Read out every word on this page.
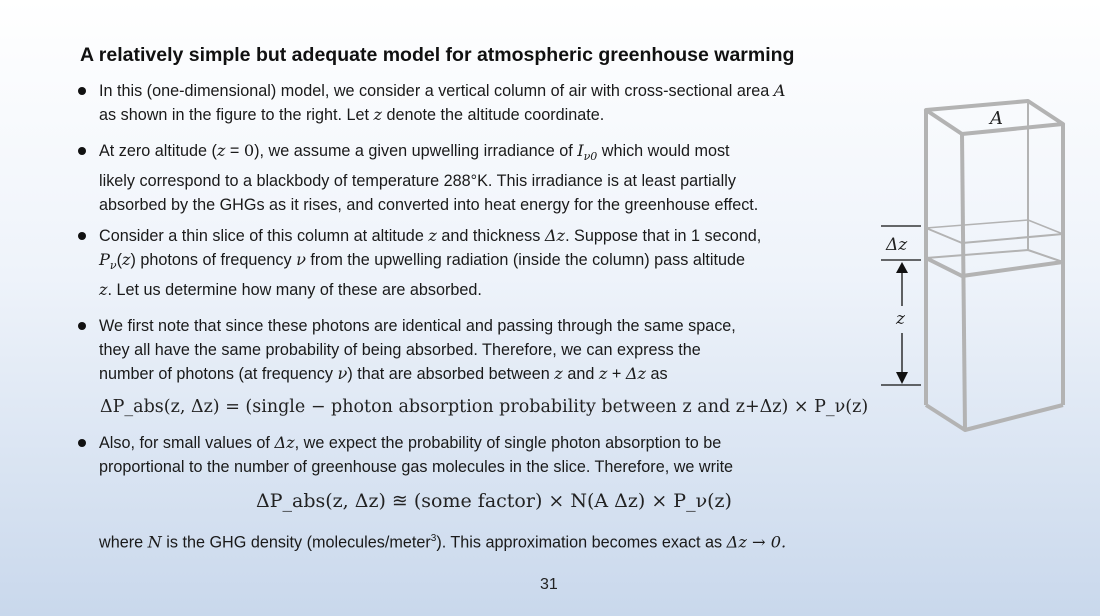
A relatively simple but adequate model for atmospheric greenhouse warming
In this (one-dimensional) model, we consider a vertical column of air with cross-sectional area A
as shown in the figure to the right. Let z denote the altitude coordinate.
At zero altitude (z = 0), we assume a given upwelling irradiance of $I_{\nu 0}$ which would most
likely correspond to a blackbody of temperature 288°K. This irradiance is at least partially
absorbed by the GHGs as it rises, and converted into heat energy for the greenhouse effect.
Consider a thin slice of this column at altitude z and thickness Δz. Suppose that in 1 second,
$P_\nu(z)$ photons of frequency ν from the upwelling radiation (inside the column) pass altitude
z. Let us determine how many of these are absorbed.
We first note that since these photons are identical and passing through the same space,
they all have the same probability of being absorbed. Therefore, we can express the
number of photons (at frequency ν) that are absorbed between z and z + Δz as
ΔP_abs(z, Δz) = (single − photon absorption probability between z and z+Δz) × P_ν(z)
Also, for small values of Δz, we expect the probability of single photon absorption to be
proportional to the number of greenhouse gas molecules in the slice. Therefore, we write
ΔP_abs(z, Δz) ≊ (some factor) × N(A Δz) × P_ν(z)
where N is the GHG density (molecules/meter$^3$). This approximation becomes exact as Δz → 0.
A
Δz
z
31
